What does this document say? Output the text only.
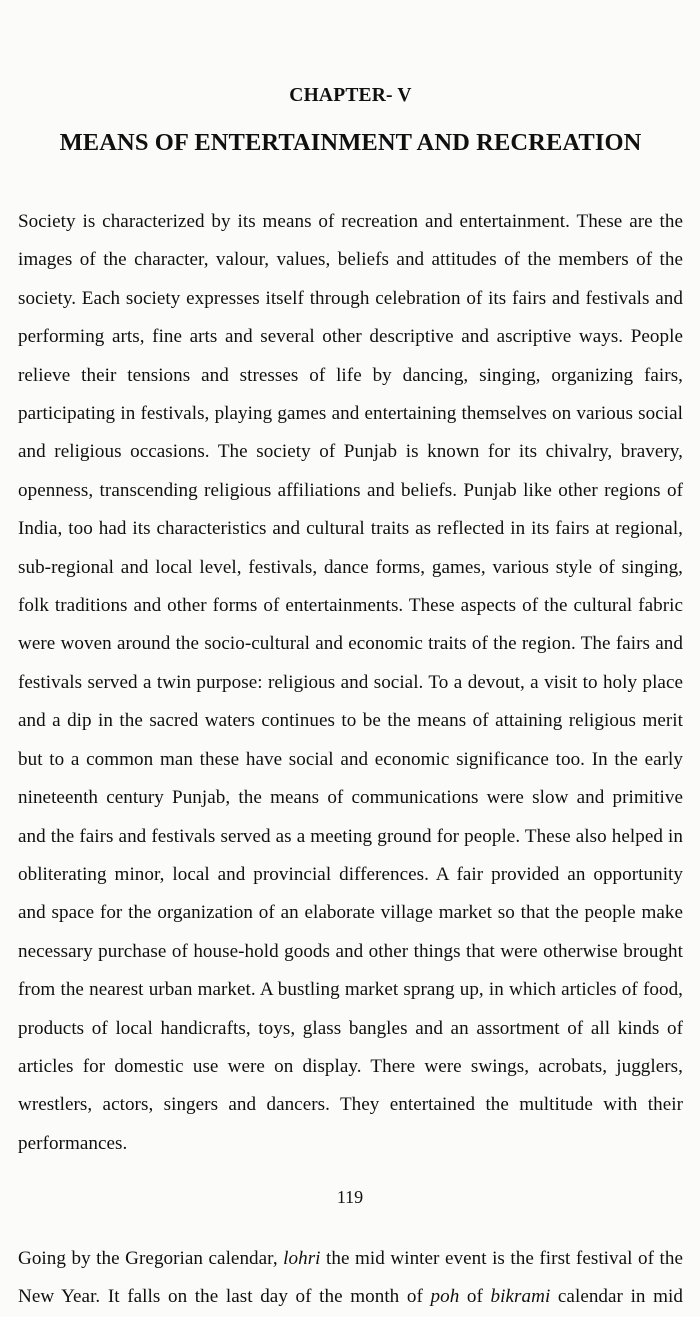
CHAPTER- V
MEANS OF ENTERTAINMENT AND RECREATION

Society is characterized by its means of recreation and entertainment. These are the images of the character, valour, values, beliefs and attitudes of the members of the society. Each society expresses itself through celebration of its fairs and festivals and performing arts, fine arts and several other descriptive and ascriptive ways. People relieve their tensions and stresses of life by dancing, singing, organizing fairs, participating in festivals, playing games and entertaining themselves on various social and religious occasions. The society of Punjab is known for its chivalry, bravery, openness, transcending religious affiliations and beliefs. Punjab like other regions of India, too had its characteristics and cultural traits as reflected in its fairs at regional, sub-regional and local level, festivals, dance forms, games, various style of singing, folk traditions and other forms of entertainments. These aspects of the cultural fabric were woven around the socio-cultural and economic traits of the region. The fairs and festivals served a twin purpose: religious and social. To a devout, a visit to holy place and a dip in the sacred waters continues to be the means of attaining religious merit but to a common man these have social and economic significance too. In the early nineteenth century Punjab, the means of communications were slow and primitive and the fairs and festivals served as a meeting ground for people. These also helped in obliterating minor, local and provincial differences. A fair provided an opportunity and space for the organization of an elaborate village market so that the people make necessary purchase of house-hold goods and other things that were otherwise brought from the nearest urban market. A bustling market sprang up, in which articles of food, products of local handicrafts, toys, glass bangles and an assortment of all kinds of articles for domestic use were on display. There were swings, acrobats, jugglers, wrestlers, actors, singers and dancers. They entertained the multitude with their performances.

Going by the Gregorian calendar, lohri the mid winter event is the first festival of the New Year. It falls on the last day of the month of poh of bikrami calendar in mid

119
